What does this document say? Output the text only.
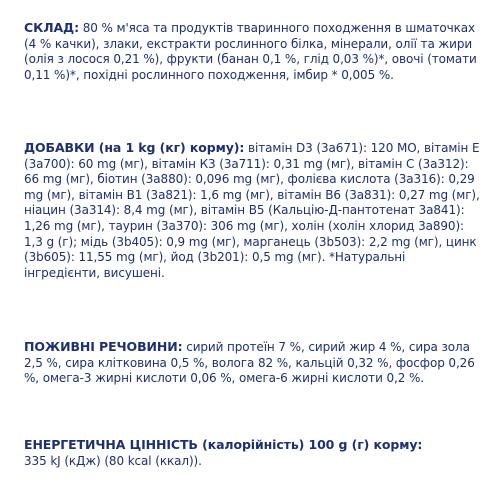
СКЛАД: 80 % м'яса та продуктів тваринного походження в шматочках (4 % качки), злаки, екстракти рослинного білка, мінерали, олії та жири (олія з лосося 0,21 %), фрукти (банан 0,1 %, глід 0,03 %)*, овочі (томати 0,11 %)*, похідні рослинного походження, імбир * 0,005 %.

ДОБАВКИ (на 1 kg (кг) корму): вітамін D3 (3a671): 120 МО, вітамін E (3a700): 60 mg (мг), вітамін К3 (3a711): 0,31 mg (мг), вітамін С (3a312): 66 mg (мг), біотин (3a880): 0,096 mg (мг), фолієва кислота (3a316): 0,29 mg (мг), вітамін В1 (3a821): 1,6 mg (мг), вітамін В6 (3a831): 0,27 mg (мг), ніацин (3a314): 8,4 mg (мг), вітамін В5 (Кальцію-Д-пантотенат 3a841): 1,26 mg (мг), таурин (3a370): 306 mg (мг), холін (холін хлорид 3a890): 1,3 g (г); мідь (3b405): 0,9 mg (мг), марганець (3b503): 2,2 mg (мг), цинк (3b605): 11,55 mg (мг), йод (3b201): 0,5 mg (мг). *Натуральні інгредієнти, висушені.

ПОЖИВНІ РЕЧОВИНИ: сирий протеїн 7 %, сирий жир 4 %, сира зола 2,5 %, сира клітковина 0,5 %, волога 82 %, кальцій 0,32 %, фосфор 0,26 %, омега-3 жирні кислоти 0,06 %, омега-6 жирні кислоти 0,2 %.

ЕНЕРГЕТИЧНА ЦІННІСТЬ (калорійність) 100 g (г) корму:
335 kJ (кДж) (80 kcal (ккал)).
